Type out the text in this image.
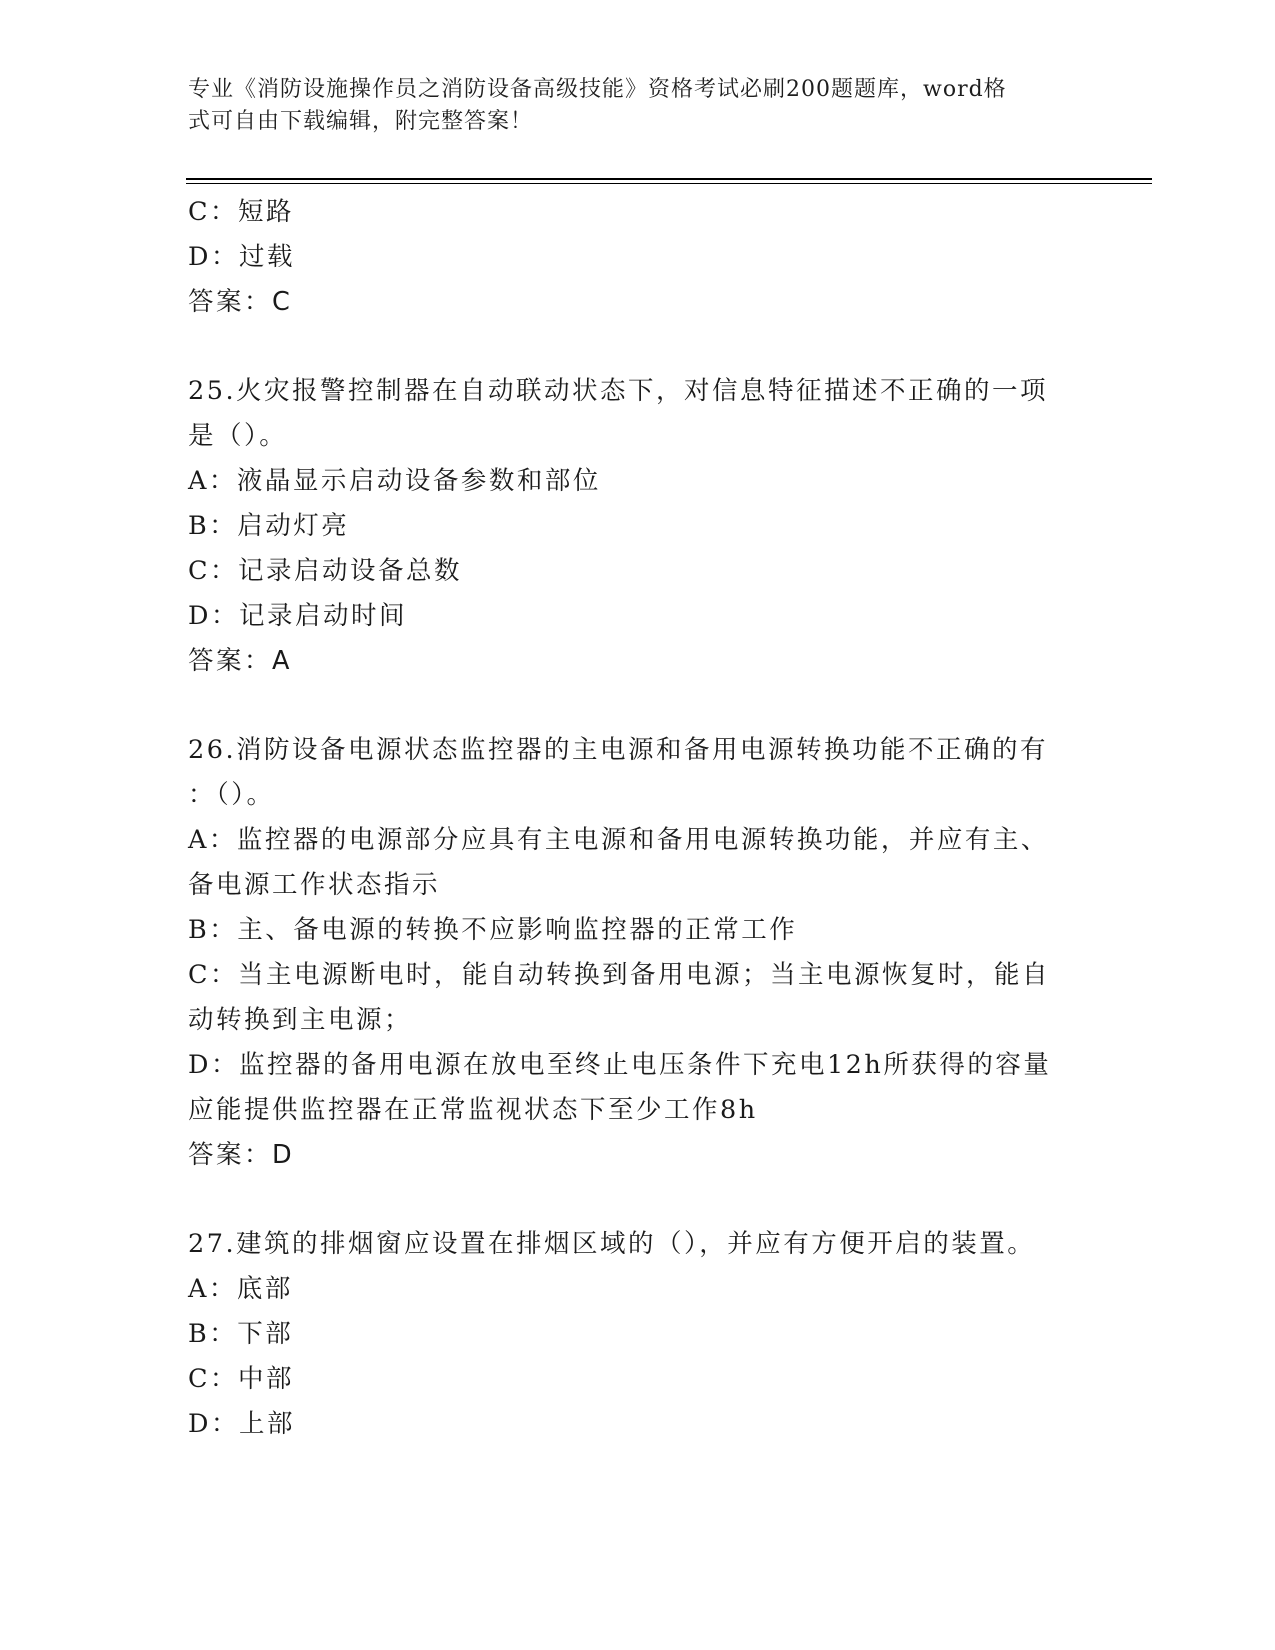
专业《消防设施操作员之消防设备高级技能》资格考试必刷200题题库，word格
式可自由下载编辑，附完整答案！
C：短路
D：过载
答案：C
25.火灾报警控制器在自动联动状态下，对信息特征描述不正确的一项
是（）。
A：液晶显示启动设备参数和部位
B：启动灯亮
C：记录启动设备总数
D：记录启动时间
答案：A
26.消防设备电源状态监控器的主电源和备用电源转换功能不正确的有
：（）。
A：监控器的电源部分应具有主电源和备用电源转换功能，并应有主、
备电源工作状态指示
B：主、备电源的转换不应影响监控器的正常工作
C：当主电源断电时，能自动转换到备用电源；当主电源恢复时，能自
动转换到主电源；
D：监控器的备用电源在放电至终止电压条件下充电12h所获得的容量
应能提供监控器在正常监视状态下至少工作8h
答案：D
27.建筑的排烟窗应设置在排烟区域的（），并应有方便开启的装置。
A：底部
B：下部
C：中部
D：上部
